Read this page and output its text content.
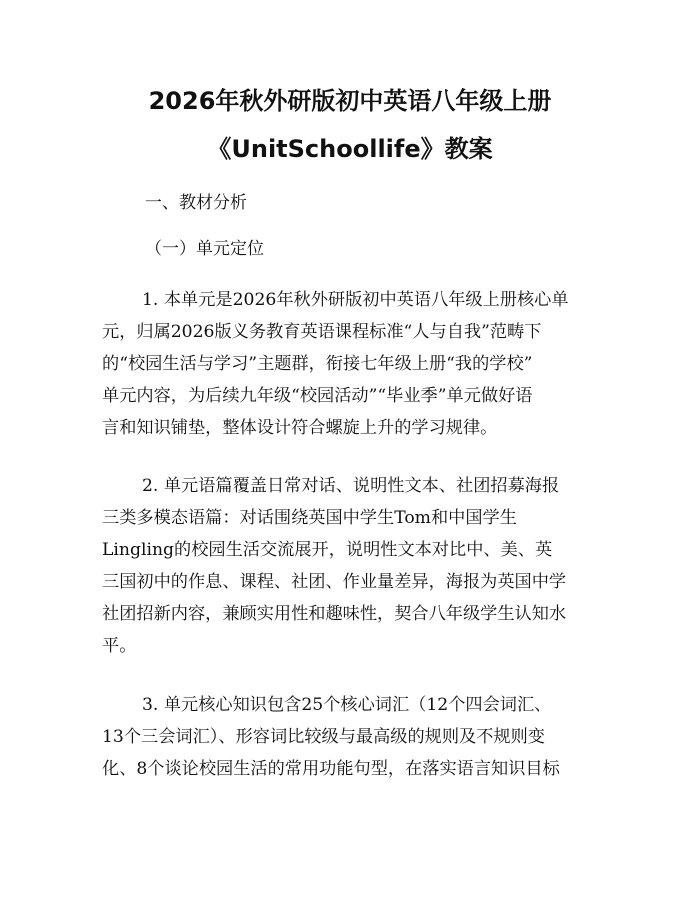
2026年秋外研版初中英语八年级上册
《UnitSchoollife》教案
一、教材分析
（一）单元定位
1. 本单元是2026年秋外研版初中英语八年级上册核心单
元，归属2026版义务教育英语课程标准“人与自我”范畴下
的“校园生活与学习”主题群，衔接七年级上册“我的学校”
单元内容，为后续九年级“校园活动”“毕业季”单元做好语
言和知识铺垫，整体设计符合螺旋上升的学习规律。
2. 单元语篇覆盖日常对话、说明性文本、社团招募海报
三类多模态语篇：对话围绕英国中学生Tom和中国学生
Lingling的校园生活交流展开，说明性文本对比中、美、英
三国初中的作息、课程、社团、作业量差异，海报为英国中学
社团招新内容，兼顾实用性和趣味性，契合八年级学生认知水
平。
3. 单元核心知识包含25个核心词汇（12个四会词汇、
13个三会词汇）、形容词比较级与最高级的规则及不规则变
化、8个谈论校园生活的常用功能句型，在落实语言知识目标
